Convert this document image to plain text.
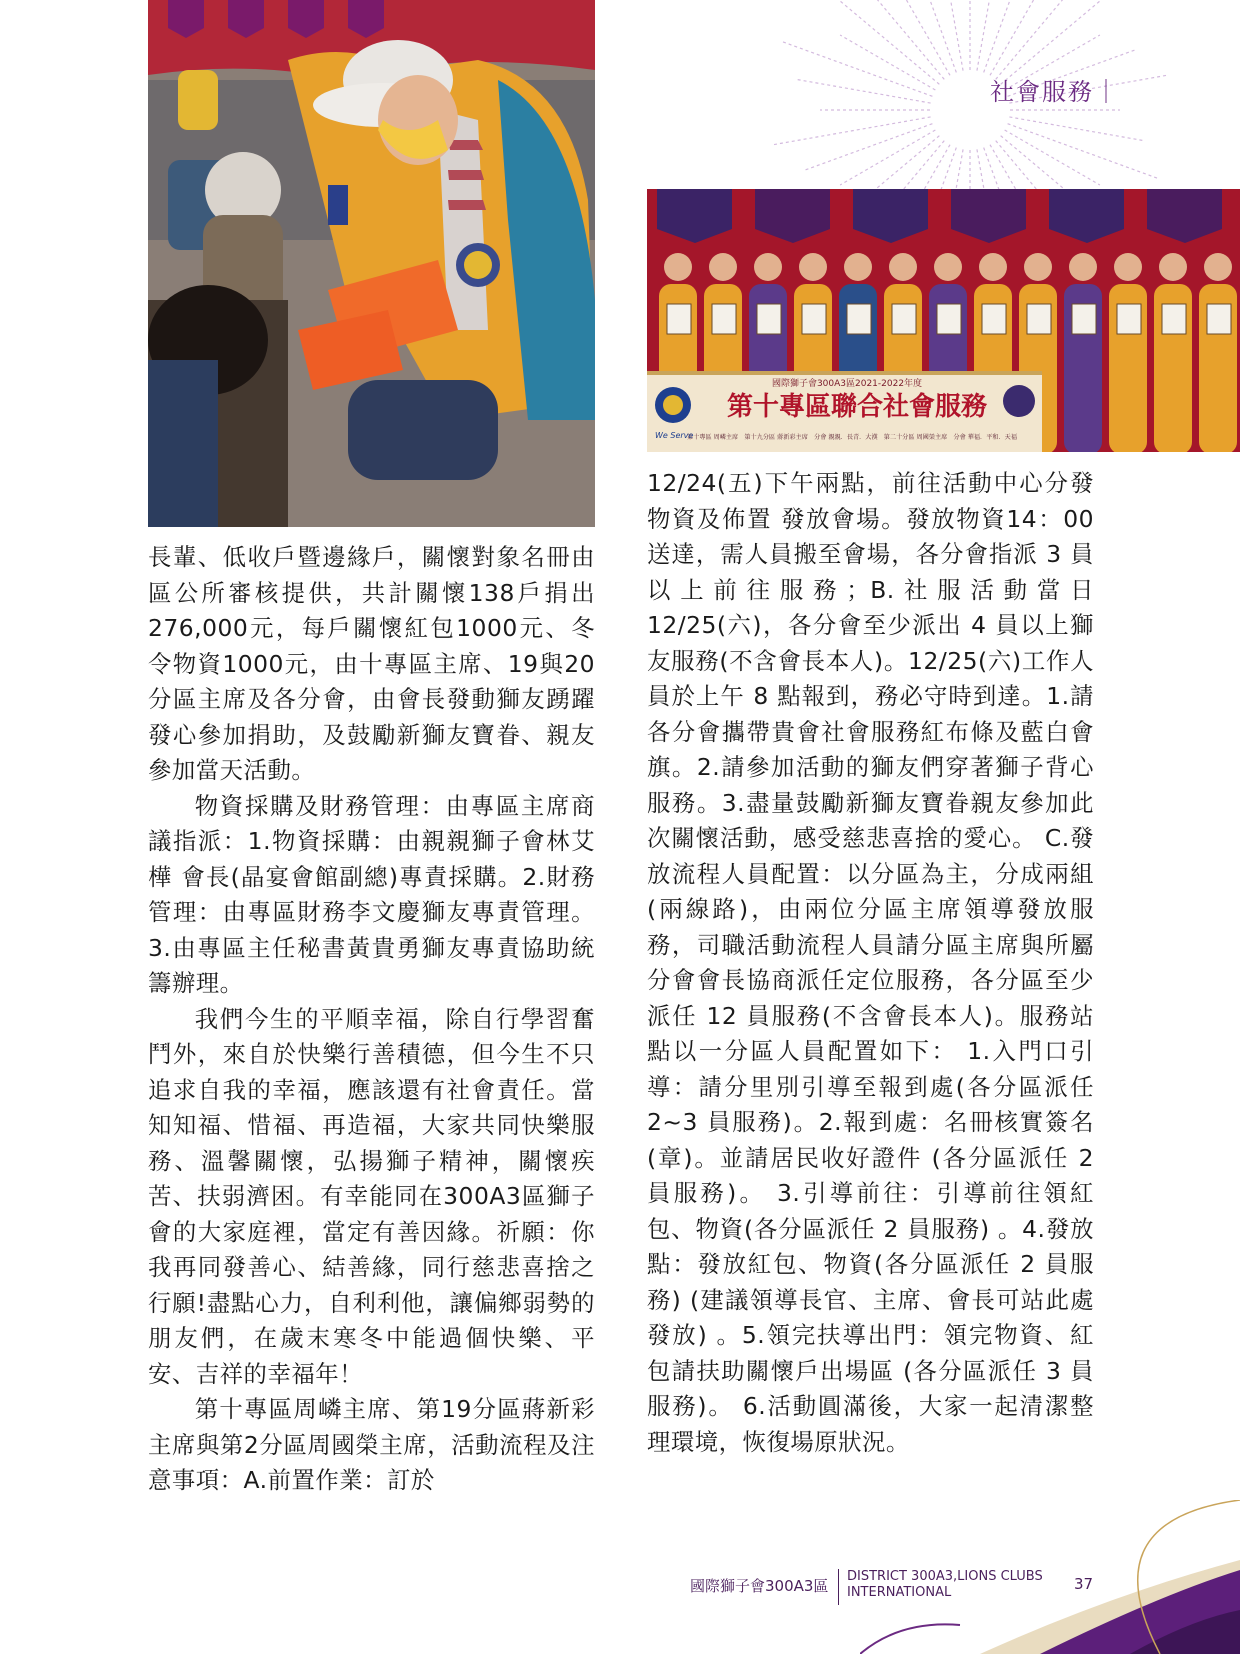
社會服務｜
國際獅子會300A3區2021-2022年度
第十專區聯合社會服務
第十專區 周嶙主席　第十九分區 蔣新彩主席　分會 親親．長青．大漢　第二十分區 周國榮主席　分會 華福．平和．天福
We Serve

長輩、低收戶暨邊緣戶，關懷對象名冊由區公所審核提供，共計關懷138戶捐出276,000元，每戶關懷紅包1000元、冬令物資1000元，由十專區主席、19與20分區主席及各分會，由會長發動獅友踴躍發心參加捐助，及鼓勵新獅友寶眷、親友參加當天活動。

物資採購及財務管理：由專區主席商議指派：1.物資採購：由親親獅子會林艾樺 會長(晶宴會館副總)專責採購。2.財務管理：由專區財務李文慶獅友專責管理。3.由專區主任秘書黃貴勇獅友專責協助統籌辦理。

我們今生的平順幸福，除自行學習奮鬥外，來自於快樂行善積德，但今生不只追求自我的幸福，應該還有社會責任。當知知福、惜福、再造福，大家共同快樂服務、溫馨關懷，弘揚獅子精神，關懷疾苦、扶弱濟困。有幸能同在300A3區獅子會的大家庭裡，當定有善因緣。祈願：你我再同發善心、結善緣，同行慈悲喜捨之行願!盡點心力，自利利他，讓偏鄉弱勢的朋友們，在歲末寒冬中能過個快樂、平安、吉祥的幸福年！

第十專區周嶙主席、第19分區蔣新彩主席與第2分區周國榮主席，活動流程及注意事項：A.前置作業：訂於

12/24(五)下午兩點，前往活動中心分發物資及佈置 發放會場。發放物資14：00送達，需人員搬至會場，各分會指派 3 員以上前往服務；B.社服活動當日12/25(六)，各分會至少派出 4 員以上獅友服務(不含會長本人)。12/25(六)工作人員於上午 8 點報到，務必守時到達。1.請各分會攜帶貴會社會服務紅布條及藍白會旗。2.請參加活動的獅友們穿著獅子背心服務。3.盡量鼓勵新獅友寶眷親友參加此次關懷活動，感受慈悲喜捨的愛心。 C.發放流程人員配置：以分區為主，分成兩組(兩線路)，由兩位分區主席領導發放服務，司職活動流程人員請分區主席與所屬分會會長協商派任定位服務，各分區至少派任 12 員服務(不含會長本人)。服務站點以一分區人員配置如下： 1.入門口引導：請分里別引導至報到處(各分區派任 2~3 員服務)。2.報到處：名冊核實簽名(章)。並請居民收好證件 (各分區派任 2 員服務)。 3.引導前往：引導前往領紅包、物資(各分區派任 2 員服務) 。4.發放點：發放紅包、物資(各分區派任 2 員服務) (建議領導長官、主席、會長可站此處發放) 。5.領完扶導出門：領完物資、紅包請扶助關懷戶出場區 (各分區派任 3 員服務)。 6.活動圓滿後，大家一起清潔整理環境，恢復場原狀況。

國際獅子會300A3區
DISTRICT 300A3,LIONS CLUBS
INTERNATIONAL	37
